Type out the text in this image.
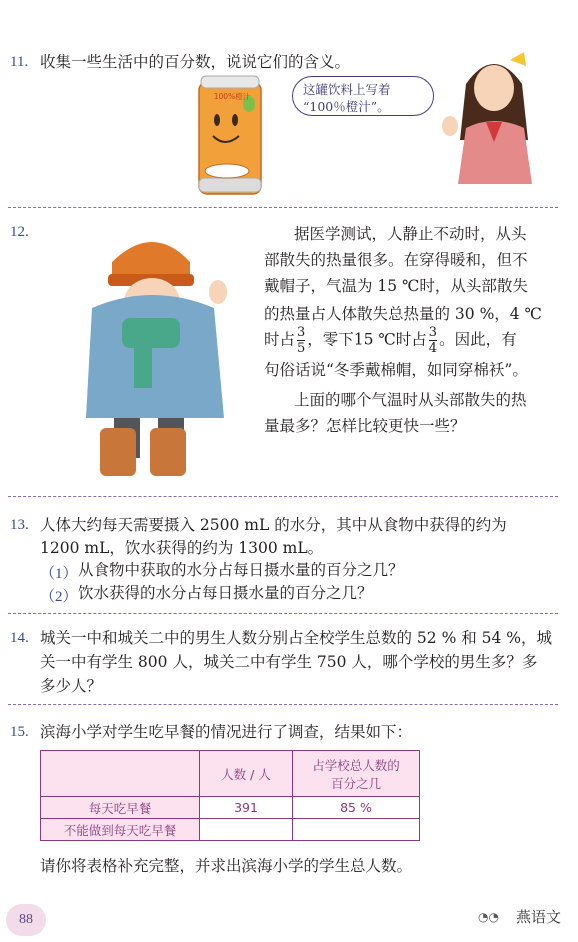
11. 收集一些生活中的百分数，说说它们的含义。
100%橙汁	这罐饮料上写着
“100％橙汁”。
12.	据医学测试，人静止不动时，从头
部散失的热量很多。在穿得暖和，但不
戴帽子，气温为 15 ℃时，从头部散失
的热量占人体散失总热量的 30 %，4 ℃
时占 $\frac{3}{5}$ ，零下15 ℃时占 $\frac{3}{4}$ 。因此，有
句俗话说“冬季戴棉帽，如同穿棉袄”。
上面的哪个气温时从头部散失的热
量最多？怎样比较更快一些？
13. 人体大约每天需要摄入 2500 mL 的水分，其中从食物中获得的约为
1200 mL，饮水获得的约为 1300 mL。
（1） 从食物中获取的水分占每日摄水量的百分之几？
（2） 饮水获得的水分占每日摄水量的百分之几？
14. 城关一中和城关二中的男生人数分别占全校学生总数的 52 % 和 54 %，城
关一中有学生 800 人，城关二中有学生 750 人，哪个学校的男生多？多
多少人？
15. 滨海小学对学生吃早餐的情况进行了调查，结果如下：
	人数 / 人	占学校总人数的
百分之几

每天吃早餐	391	85 %
不能做到每天吃早餐		
请你将表格补充完整，并求出滨海小学的学生总人数。
88	◔◔ 燕语文
